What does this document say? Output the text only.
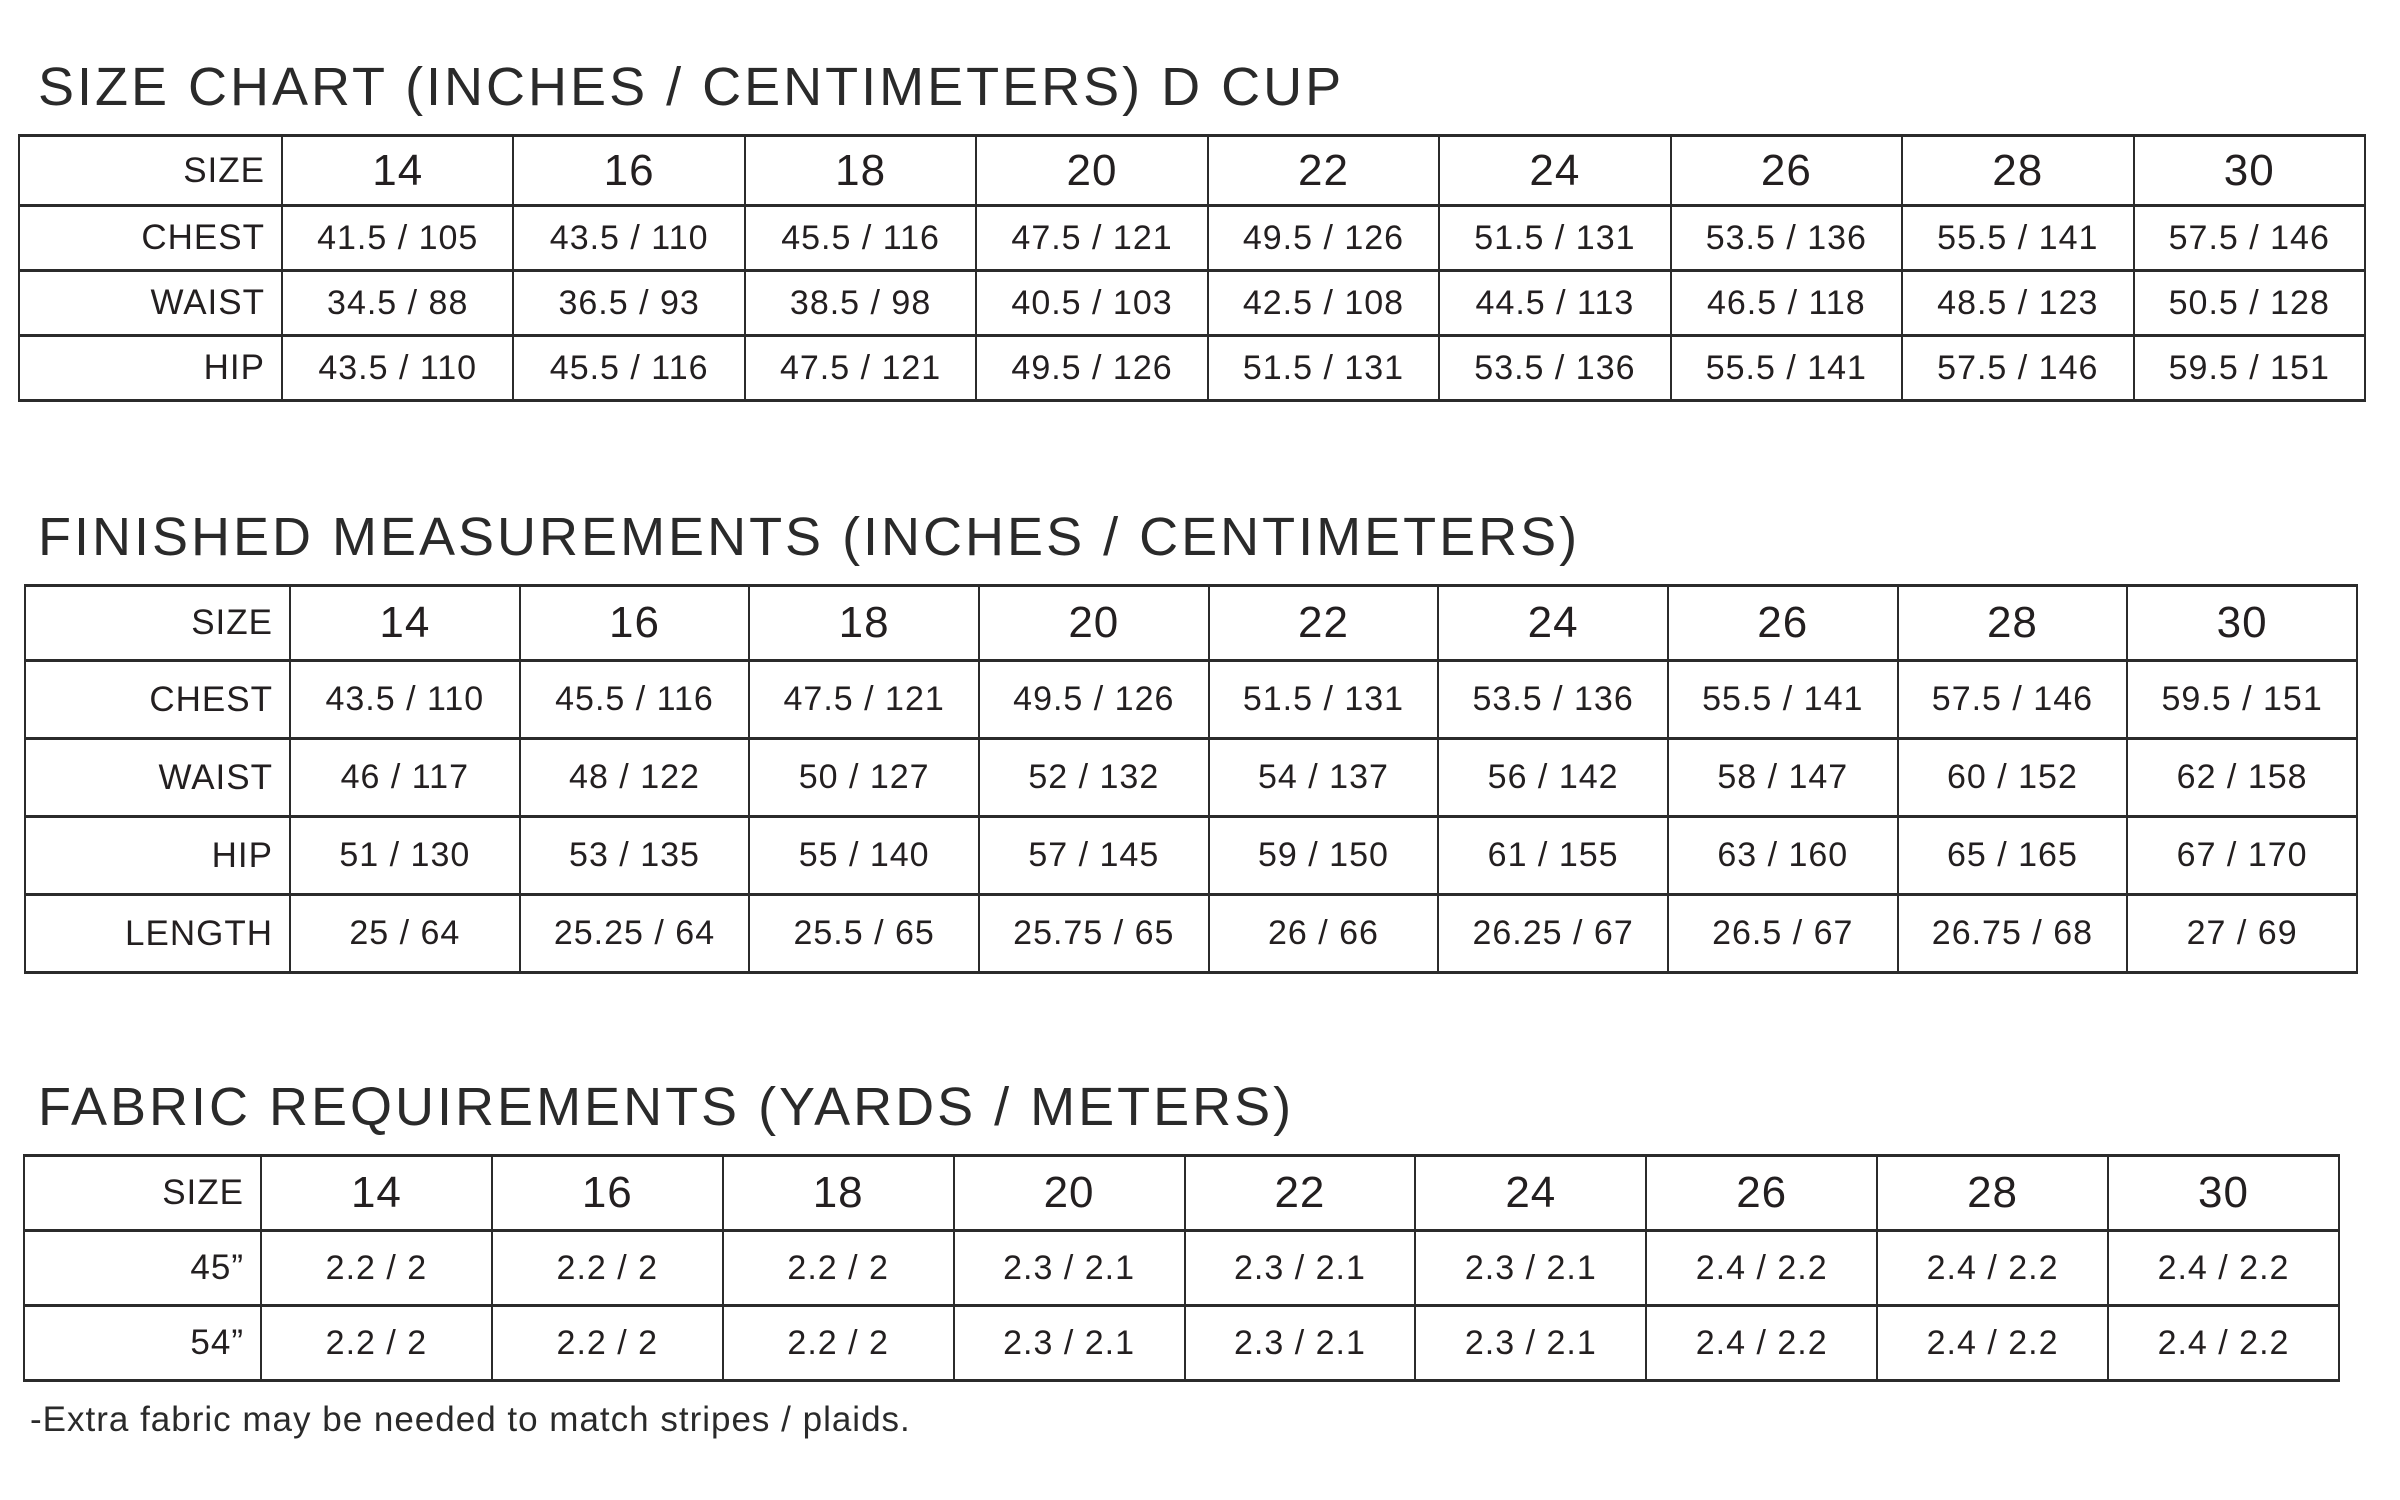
SIZE CHART (INCHES / CENTIMETERS) D CUP
SIZE	14	16	18	20	22	24	26	28	30
CHEST	41.5 / 105	43.5 / 110	45.5 / 116	47.5 / 121	49.5 / 126	51.5 / 131	53.5 / 136	55.5 / 141	57.5 / 146
WAIST	34.5 / 88	36.5 / 93	38.5 / 98	40.5 / 103	42.5 / 108	44.5 / 113	46.5 / 118	48.5 / 123	50.5 / 128
HIP	43.5 / 110	45.5 / 116	47.5 / 121	49.5 / 126	51.5 / 131	53.5 / 136	55.5 / 141	57.5 / 146	59.5 / 151
FINISHED MEASUREMENTS (INCHES / CENTIMETERS)
SIZE	14	16	18	20	22	24	26	28	30
CHEST	43.5 / 110	45.5 / 116	47.5 / 121	49.5 / 126	51.5 / 131	53.5 / 136	55.5 / 141	57.5 / 146	59.5 / 151
WAIST	46 / 117	48 / 122	50 / 127	52 / 132	54 / 137	56 / 142	58 / 147	60 / 152	62 / 158
HIP	51 / 130	53 / 135	55 / 140	57 / 145	59 / 150	61 / 155	63 / 160	65 / 165	67 / 170
LENGTH	25 / 64	25.25 / 64	25.5 / 65	25.75 / 65	26 / 66	26.25 / 67	26.5 / 67	26.75 / 68	27 / 69
FABRIC REQUIREMENTS (YARDS / METERS)
SIZE	14	16	18	20	22	24	26	28	30
45”	2.2 / 2	2.2 / 2	2.2 / 2	2.3 / 2.1	2.3 / 2.1	2.3 / 2.1	2.4 / 2.2	2.4 / 2.2	2.4 / 2.2
54”	2.2 / 2	2.2 / 2	2.2 / 2	2.3 / 2.1	2.3 / 2.1	2.3 / 2.1	2.4 / 2.2	2.4 / 2.2	2.4 / 2.2

-Extra fabric may be needed to match stripes / plaids.
